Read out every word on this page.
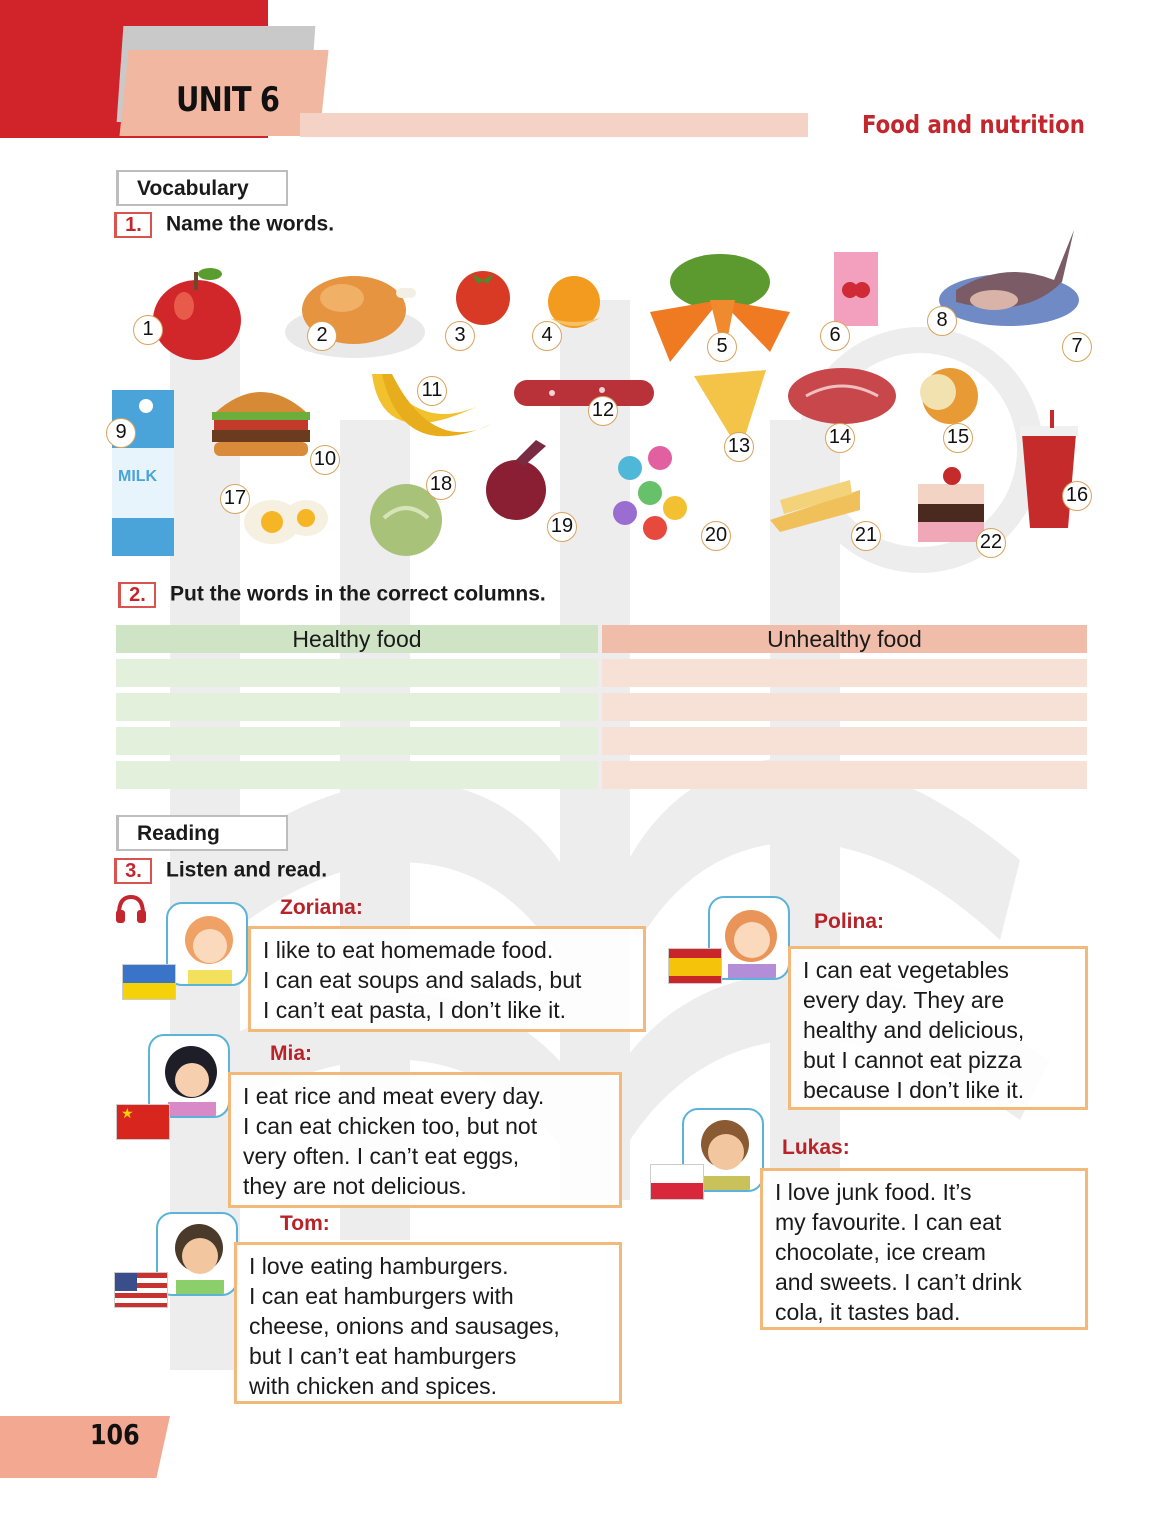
UNIT 6
Food and nutrition
Vocabulary
1. Name the words.
MILK
1	2	3	4	5	6	7
8
9
10
11
12
13	14	15
16
17
18
19	20	21	22
2. Put the words in the correct columns.
Healthy food	Unhealthy food
Reading
3. Listen and read.
Zoriana:

I like to eat homemade food.

I can eat soups and salads, but

I can’t eat pasta, I don’t like it.

★
Mia:

I eat rice and meat every day.

I can eat chicken too, but not

very often. I can’t eat eggs,

they are not delicious.

Tom:

I love eating hamburgers.

I can eat hamburgers with

cheese, onions and sausages,

but I can’t eat hamburgers

with chicken and spices.

Polina:

I can eat vegetables

every day. They are

healthy and delicious,

but I cannot eat pizza

because I don’t like it.

Lukas:

I love junk food. It’s

my favourite. I can eat

chocolate, ice cream

and sweets. I can’t drink

cola, it tastes bad.

106
